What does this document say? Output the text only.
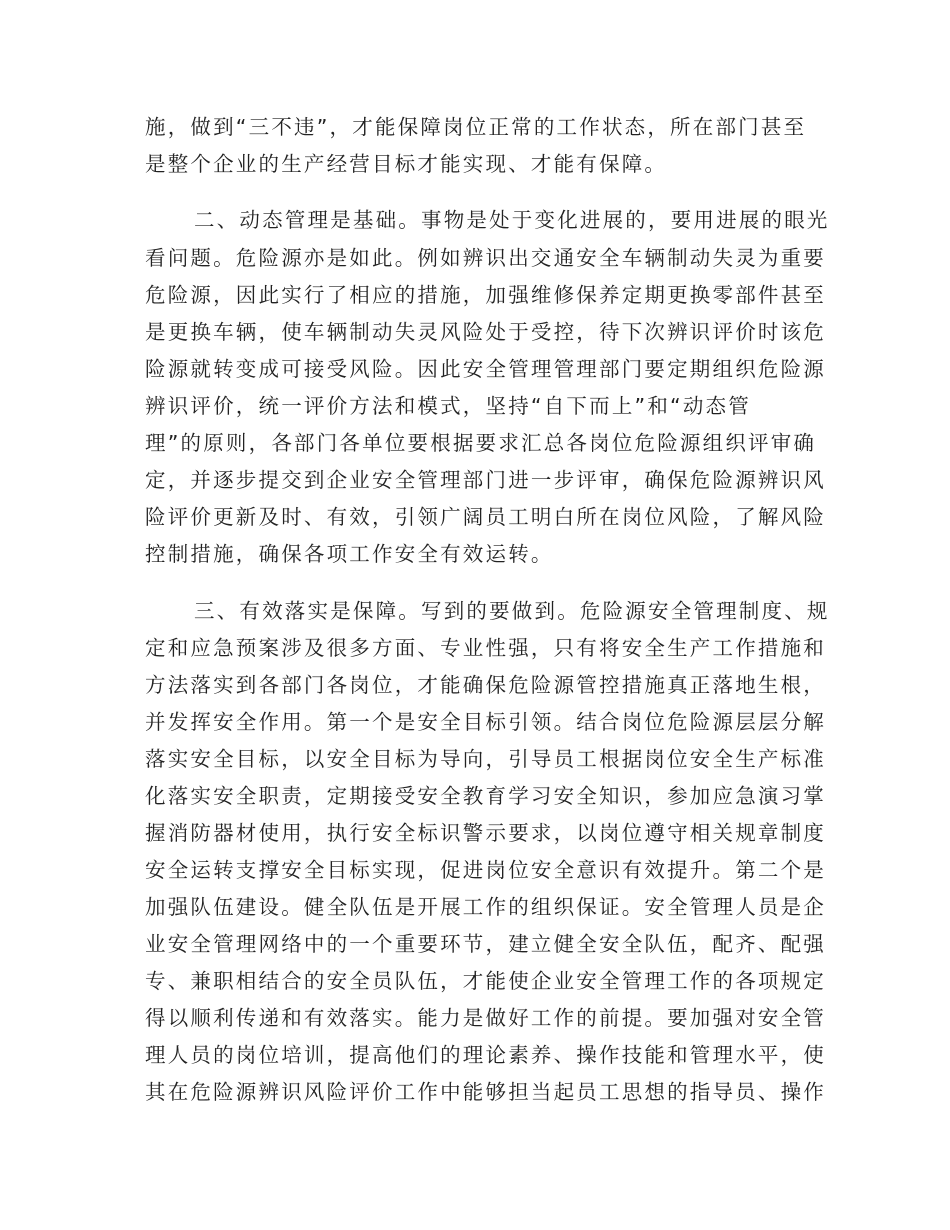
施，做到“三不违”，才能保障岗位正常的工作状态，所在部门甚至
是整个企业的生产经营目标才能实现、才能有保障。
二、动态管理是基础。事物是处于变化进展的，要用进展的眼光
看问题。危险源亦是如此。例如辨识出交通安全车辆制动失灵为重要
危险源，因此实行了相应的措施，加强维修保养定期更换零部件甚至
是更换车辆，使车辆制动失灵风险处于受控，待下次辨识评价时该危
险源就转变成可接受风险。因此安全管理管理部门要定期组织危险源
辨识评价，统一评价方法和模式，坚持“自下而上”和“动态管
理”的原则，各部门各单位要根据要求汇总各岗位危险源组织评审确
定，并逐步提交到企业安全管理部门进一步评审，确保危险源辨识风
险评价更新及时、有效，引领广阔员工明白所在岗位风险，了解风险
控制措施，确保各项工作安全有效运转。
三、有效落实是保障。写到的要做到。危险源安全管理制度、规
定和应急预案涉及很多方面、专业性强，只有将安全生产工作措施和
方法落实到各部门各岗位，才能确保危险源管控措施真正落地生根，
并发挥安全作用。第一个是安全目标引领。结合岗位危险源层层分解
落实安全目标，以安全目标为导向，引导员工根据岗位安全生产标准
化落实安全职责，定期接受安全教育学习安全知识，参加应急演习掌
握消防器材使用，执行安全标识警示要求，以岗位遵守相关规章制度
安全运转支撑安全目标实现，促进岗位安全意识有效提升。第二个是
加强队伍建设。健全队伍是开展工作的组织保证。安全管理人员是企
业安全管理网络中的一个重要环节，建立健全安全队伍，配齐、配强
专、兼职相结合的安全员队伍，才能使企业安全管理工作的各项规定
得以顺利传递和有效落实。能力是做好工作的前提。要加强对安全管
理人员的岗位培训，提高他们的理论素养、操作技能和管理水平，使
其在危险源辨识风险评价工作中能够担当起员工思想的指导员、操作
